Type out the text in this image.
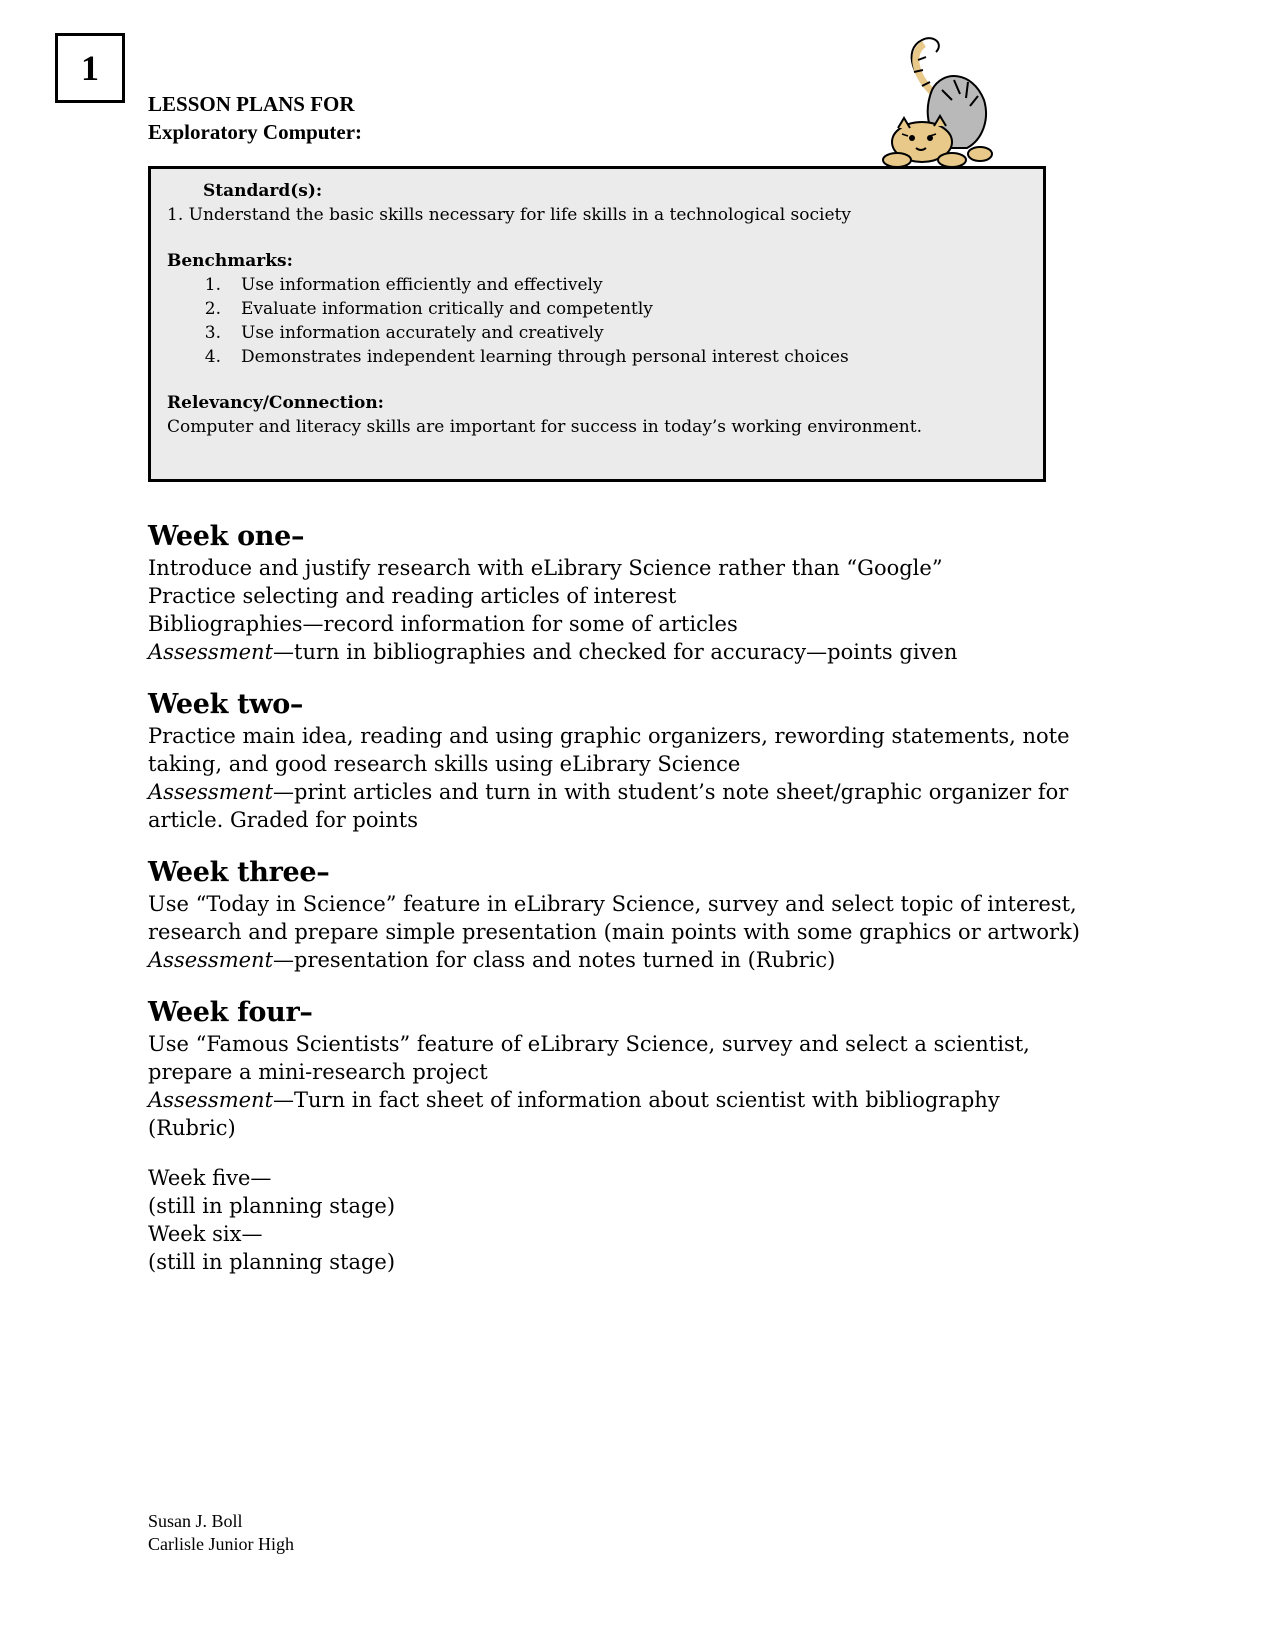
1
LESSON PLANS FOR
Exploratory Computer:
Standard(s):
1. Understand the basic skills necessary for life skills in a technological society
Benchmarks:
1.	Use information efficiently and effectively
2.	Evaluate information critically and competently
3.	Use information accurately and creatively
4.	Demonstrates independent learning through personal interest choices
Relevancy/Connection:
Computer and literacy skills are important for success in today’s working environment.
Week one–
Introduce and justify research with eLibrary Science rather than “Google”
Practice selecting and reading articles of interest
Bibliographies—record information for some of articles
Assessment—turn in bibliographies and checked for accuracy—points given
Week two–
Practice main idea, reading and using graphic organizers, rewording statements, note
taking, and good research skills using eLibrary Science
Assessment—print articles and turn in with student’s note sheet/graphic organizer for
article. Graded for points
Week three–
Use “Today in Science” feature in eLibrary Science, survey and select topic of interest,
research and prepare simple presentation (main points with some graphics or artwork)
Assessment—presentation for class and notes turned in (Rubric)
Week four–
Use “Famous Scientists” feature of eLibrary Science, survey and select a scientist,
prepare a mini-research project
Assessment—Turn in fact sheet of information about scientist with bibliography
(Rubric)
Week five—
(still in planning stage)
Week six—
(still in planning stage)
Susan J. Boll
Carlisle Junior High
